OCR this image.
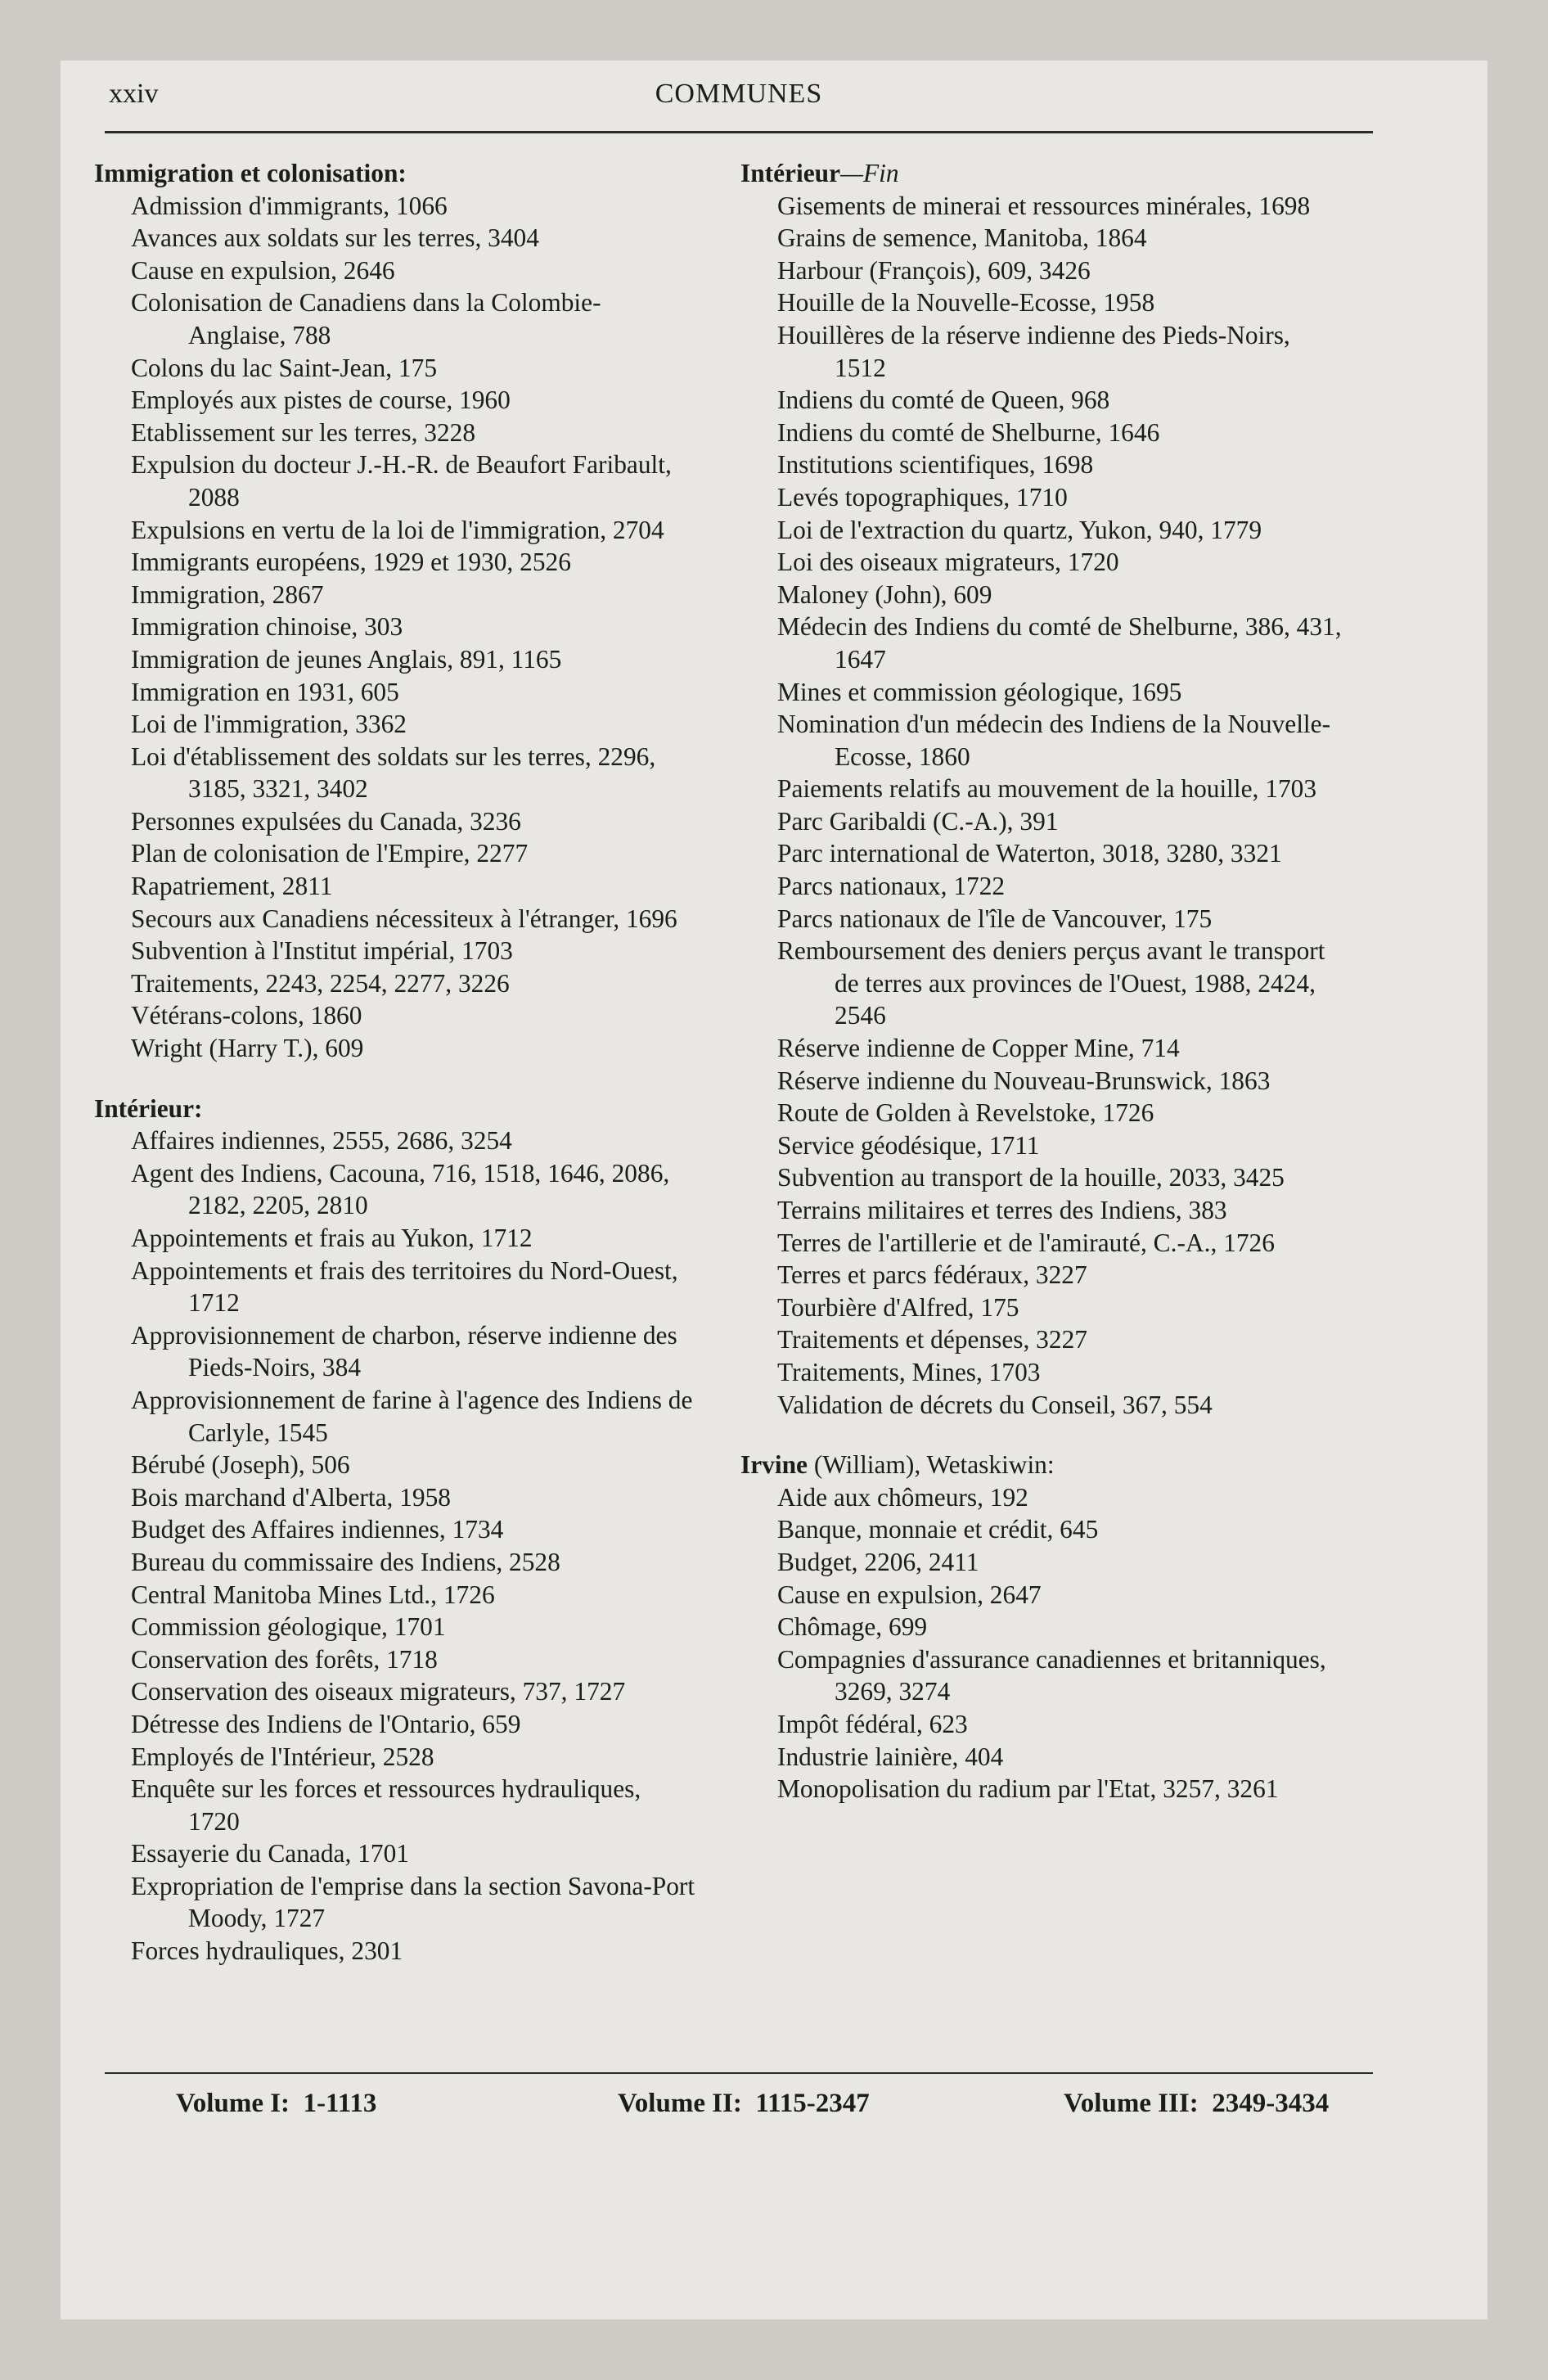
xxiv	COMMUNES

Immigration et colonisation:

Admission d'immigrants, 1066

Avances aux soldats sur les terres, 3404

Cause en expulsion, 2646

Colonisation de Canadiens dans la Colombie-Anglaise, 788

Colons du lac Saint-Jean, 175

Employés aux pistes de course, 1960

Etablissement sur les terres, 3228

Expulsion du docteur J.-H.-R. de Beaufort Faribault, 2088

Expulsions en vertu de la loi de l'immigration, 2704

Immigrants européens, 1929 et 1930, 2526

Immigration, 2867

Immigration chinoise, 303

Immigration de jeunes Anglais, 891, 1165

Immigration en 1931, 605

Loi de l'immigration, 3362

Loi d'établissement des soldats sur les terres, 2296, 3185, 3321, 3402

Personnes expulsées du Canada, 3236

Plan de colonisation de l'Empire, 2277

Rapatriement, 2811

Secours aux Canadiens nécessiteux à l'étranger, 1696

Subvention à l'Institut impérial, 1703

Traitements, 2243, 2254, 2277, 3226

Vétérans-colons, 1860

Wright (Harry T.), 609

Intérieur:

Affaires indiennes, 2555, 2686, 3254

Agent des Indiens, Cacouna, 716, 1518, 1646, 2086, 2182, 2205, 2810

Appointements et frais au Yukon, 1712

Appointements et frais des territoires du Nord-Ouest, 1712

Approvisionnement de charbon, réserve indienne des Pieds-Noirs, 384

Approvisionnement de farine à l'agence des Indiens de Carlyle, 1545

Bérubé (Joseph), 506

Bois marchand d'Alberta, 1958

Budget des Affaires indiennes, 1734

Bureau du commissaire des Indiens, 2528

Central Manitoba Mines Ltd., 1726

Commission géologique, 1701

Conservation des forêts, 1718

Conservation des oiseaux migrateurs, 737, 1727

Détresse des Indiens de l'Ontario, 659

Employés de l'Intérieur, 2528

Enquête sur les forces et ressources hydrauliques, 1720

Essayerie du Canada, 1701

Expropriation de l'emprise dans la section Savona-Port Moody, 1727

Forces hydrauliques, 2301

Intérieur—Fin

Gisements de minerai et ressources minérales, 1698

Grains de semence, Manitoba, 1864

Harbour (François), 609, 3426

Houille de la Nouvelle-Ecosse, 1958

Houillères de la réserve indienne des Pieds-Noirs, 1512

Indiens du comté de Queen, 968

Indiens du comté de Shelburne, 1646

Institutions scientifiques, 1698

Levés topographiques, 1710

Loi de l'extraction du quartz, Yukon, 940, 1779

Loi des oiseaux migrateurs, 1720

Maloney (John), 609

Médecin des Indiens du comté de Shelburne, 386, 431, 1647

Mines et commission géologique, 1695

Nomination d'un médecin des Indiens de la Nouvelle-Ecosse, 1860

Paiements relatifs au mouvement de la houille, 1703

Parc Garibaldi (C.-A.), 391

Parc international de Waterton, 3018, 3280, 3321

Parcs nationaux, 1722

Parcs nationaux de l'île de Vancouver, 175

Remboursement des deniers perçus avant le transport de terres aux provinces de l'Ouest, 1988, 2424, 2546

Réserve indienne de Copper Mine, 714

Réserve indienne du Nouveau-Brunswick, 1863

Route de Golden à Revelstoke, 1726

Service géodésique, 1711

Subvention au transport de la houille, 2033, 3425

Terrains militaires et terres des Indiens, 383

Terres de l'artillerie et de l'amirauté, C.-A., 1726

Terres et parcs fédéraux, 3227

Tourbière d'Alfred, 175

Traitements et dépenses, 3227

Traitements, Mines, 1703

Validation de décrets du Conseil, 367, 554

Irvine (William), Wetaskiwin:

Aide aux chômeurs, 192

Banque, monnaie et crédit, 645

Budget, 2206, 2411

Cause en expulsion, 2647

Chômage, 699

Compagnies d'assurance canadiennes et britanniques, 3269, 3274

Impôt fédéral, 623

Industrie lainière, 404

Monopolisation du radium par l'Etat, 3257, 3261

Volume I:  1-1113	Volume II:  1115-2347	Volume III:  2349-3434
